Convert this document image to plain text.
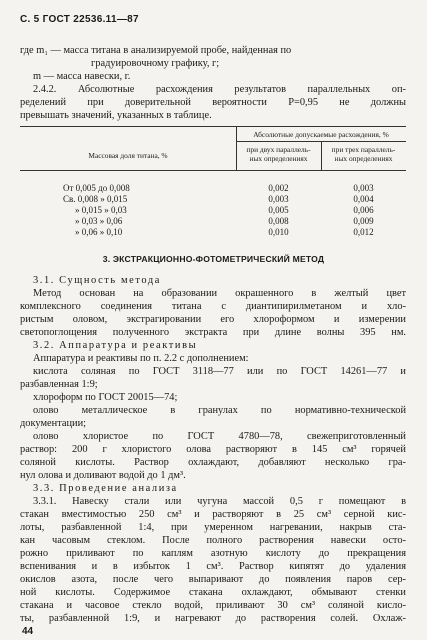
С. 5 ГОСТ 22536.11—87
где m₁ — масса титана в анализируемой пробе, найденная по
градуировочному графику, г;
m — масса навески, г.
2.4.2. Абсолютные расхождения результатов параллельных оп-
ределений при доверительной вероятности P=0,95 не должны
превышать значений, указанных в таблице.
Абсолютные допускаемые расхождения, %
Массовая доля титана, %
при двух параллель-
ных определениях
при трех параллель-
ных определениях
От 0,005 до 0,008	0,002	0,003
Св. 0,008 » 0,015	0,003	0,004
» 0,015 » 0,03	0,005	0,006
» 0,03 » 0,06	0,008	0,009
» 0,06 » 0,10	0,010	0,012
3. ЭКСТРАКЦИОННО-ФОТОМЕТРИЧЕСКИЙ МЕТОД
3.1. Сущность метода
Метод основан на образовании окрашенного в желтый цвет
комплексного соединения титана с диантипирилметаном и хло-
ристым оловом, экстрагировании его хлороформом и измерении
светопоглощения полученного экстракта при длине волны 395 нм.
3.2. Аппаратура и реактивы
Аппаратура и реактивы по п. 2.2 с дополнением:
кислота соляная по ГОСТ 3118—77 или по ГОСТ 14261—77 и
разбавленная 1:9;
хлороформ по ГОСТ 20015—74;
олово металлическое в гранулах по нормативно-технической
документации;
олово хлористое по ГОСТ 4780—78, свежеприготовленный
раствор: 200 г хлористого олова растворяют в 145 см³ горячей
соляной кислоты. Раствор охлаждают, добавляют несколько гра-
нул олова и доливают водой до 1 дм³.
3.3. Проведение анализа
3.3.1. Навеску стали или чугуна массой 0,5 г помещают в
стакан вместимостью 250 см³ и растворяют в 25 см³ серной кис-
лоты, разбавленной 1:4, при умеренном нагревании, накрыв ста-
кан часовым стеклом. После полного растворения навески осто-
рожно приливают по каплям азотную кислоту до прекращения
вспенивания и в избыток 1 см³. Раствор кипятят до удаления
окислов азота, после чего выпаривают до появления паров сер-
ной кислоты. Содержимое стакана охлаждают, обмывают стенки
стакана и часовое стекло водой, приливают 30 см³ соляной кисло-
ты, разбавленной 1:9, и нагревают до растворения солей. Охлаж-
44
